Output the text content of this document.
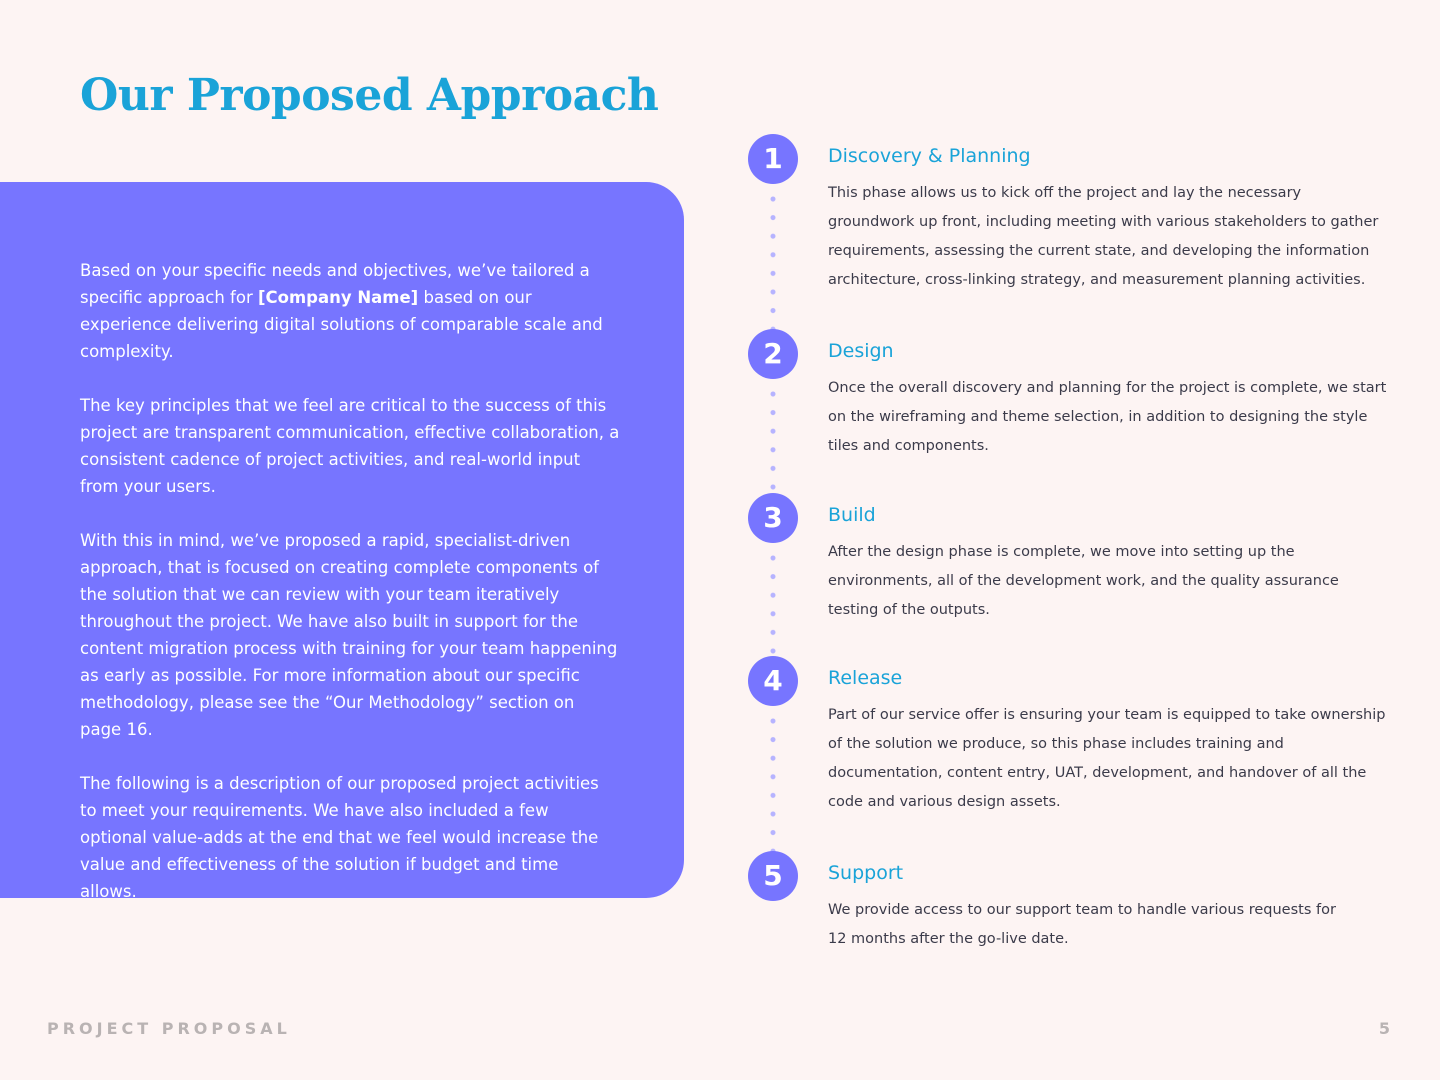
Our Proposed Approach

Based on your specific needs and objectives, we’ve tailored a specific approach for [Company Name] based on our experience delivering digital solutions of comparable scale and complexity.

The key principles that we feel are critical to the success of this project are transparent communication, effective collaboration, a consistent cadence of project activities, and real-world input from your users.

With this in mind, we’ve proposed a rapid, specialist-driven approach, that is focused on creating complete components of the solution that we can review with your team iteratively throughout the project. We have also built in support for the content migration process with training for your team happening as early as possible. For more information about our specific methodology, please see the “Our Methodology” section on page 16.

The following is a description of our proposed project activities to meet your requirements. We have also included a few optional value-adds at the end that we feel would increase the value and effectiveness of the solution if budget and time allows.

1	Discovery & Planning

This phase allows us to kick off the project and lay the necessary groundwork up front, including meeting with various stakeholders to gather requirements, assessing the current state, and developing the information architecture, cross-linking strategy, and measurement planning activities.

2	Design

Once the overall discovery and planning for the project is complete, we start on the wireframing and theme selection, in addition to designing the style tiles and components.

3	Build

After the design phase is complete, we move into setting up the environments, all of the development work, and the quality assurance testing of the outputs.

4	Release

Part of our service offer is ensuring your team is equipped to take ownership of the solution we produce, so this phase includes training and documentation, content entry, UAT, development, and handover of all the code and various design assets.

5	Support

We provide access to our support team to handle various requests for 12 months after the go-live date.

PROJECT PROPOSAL	5
